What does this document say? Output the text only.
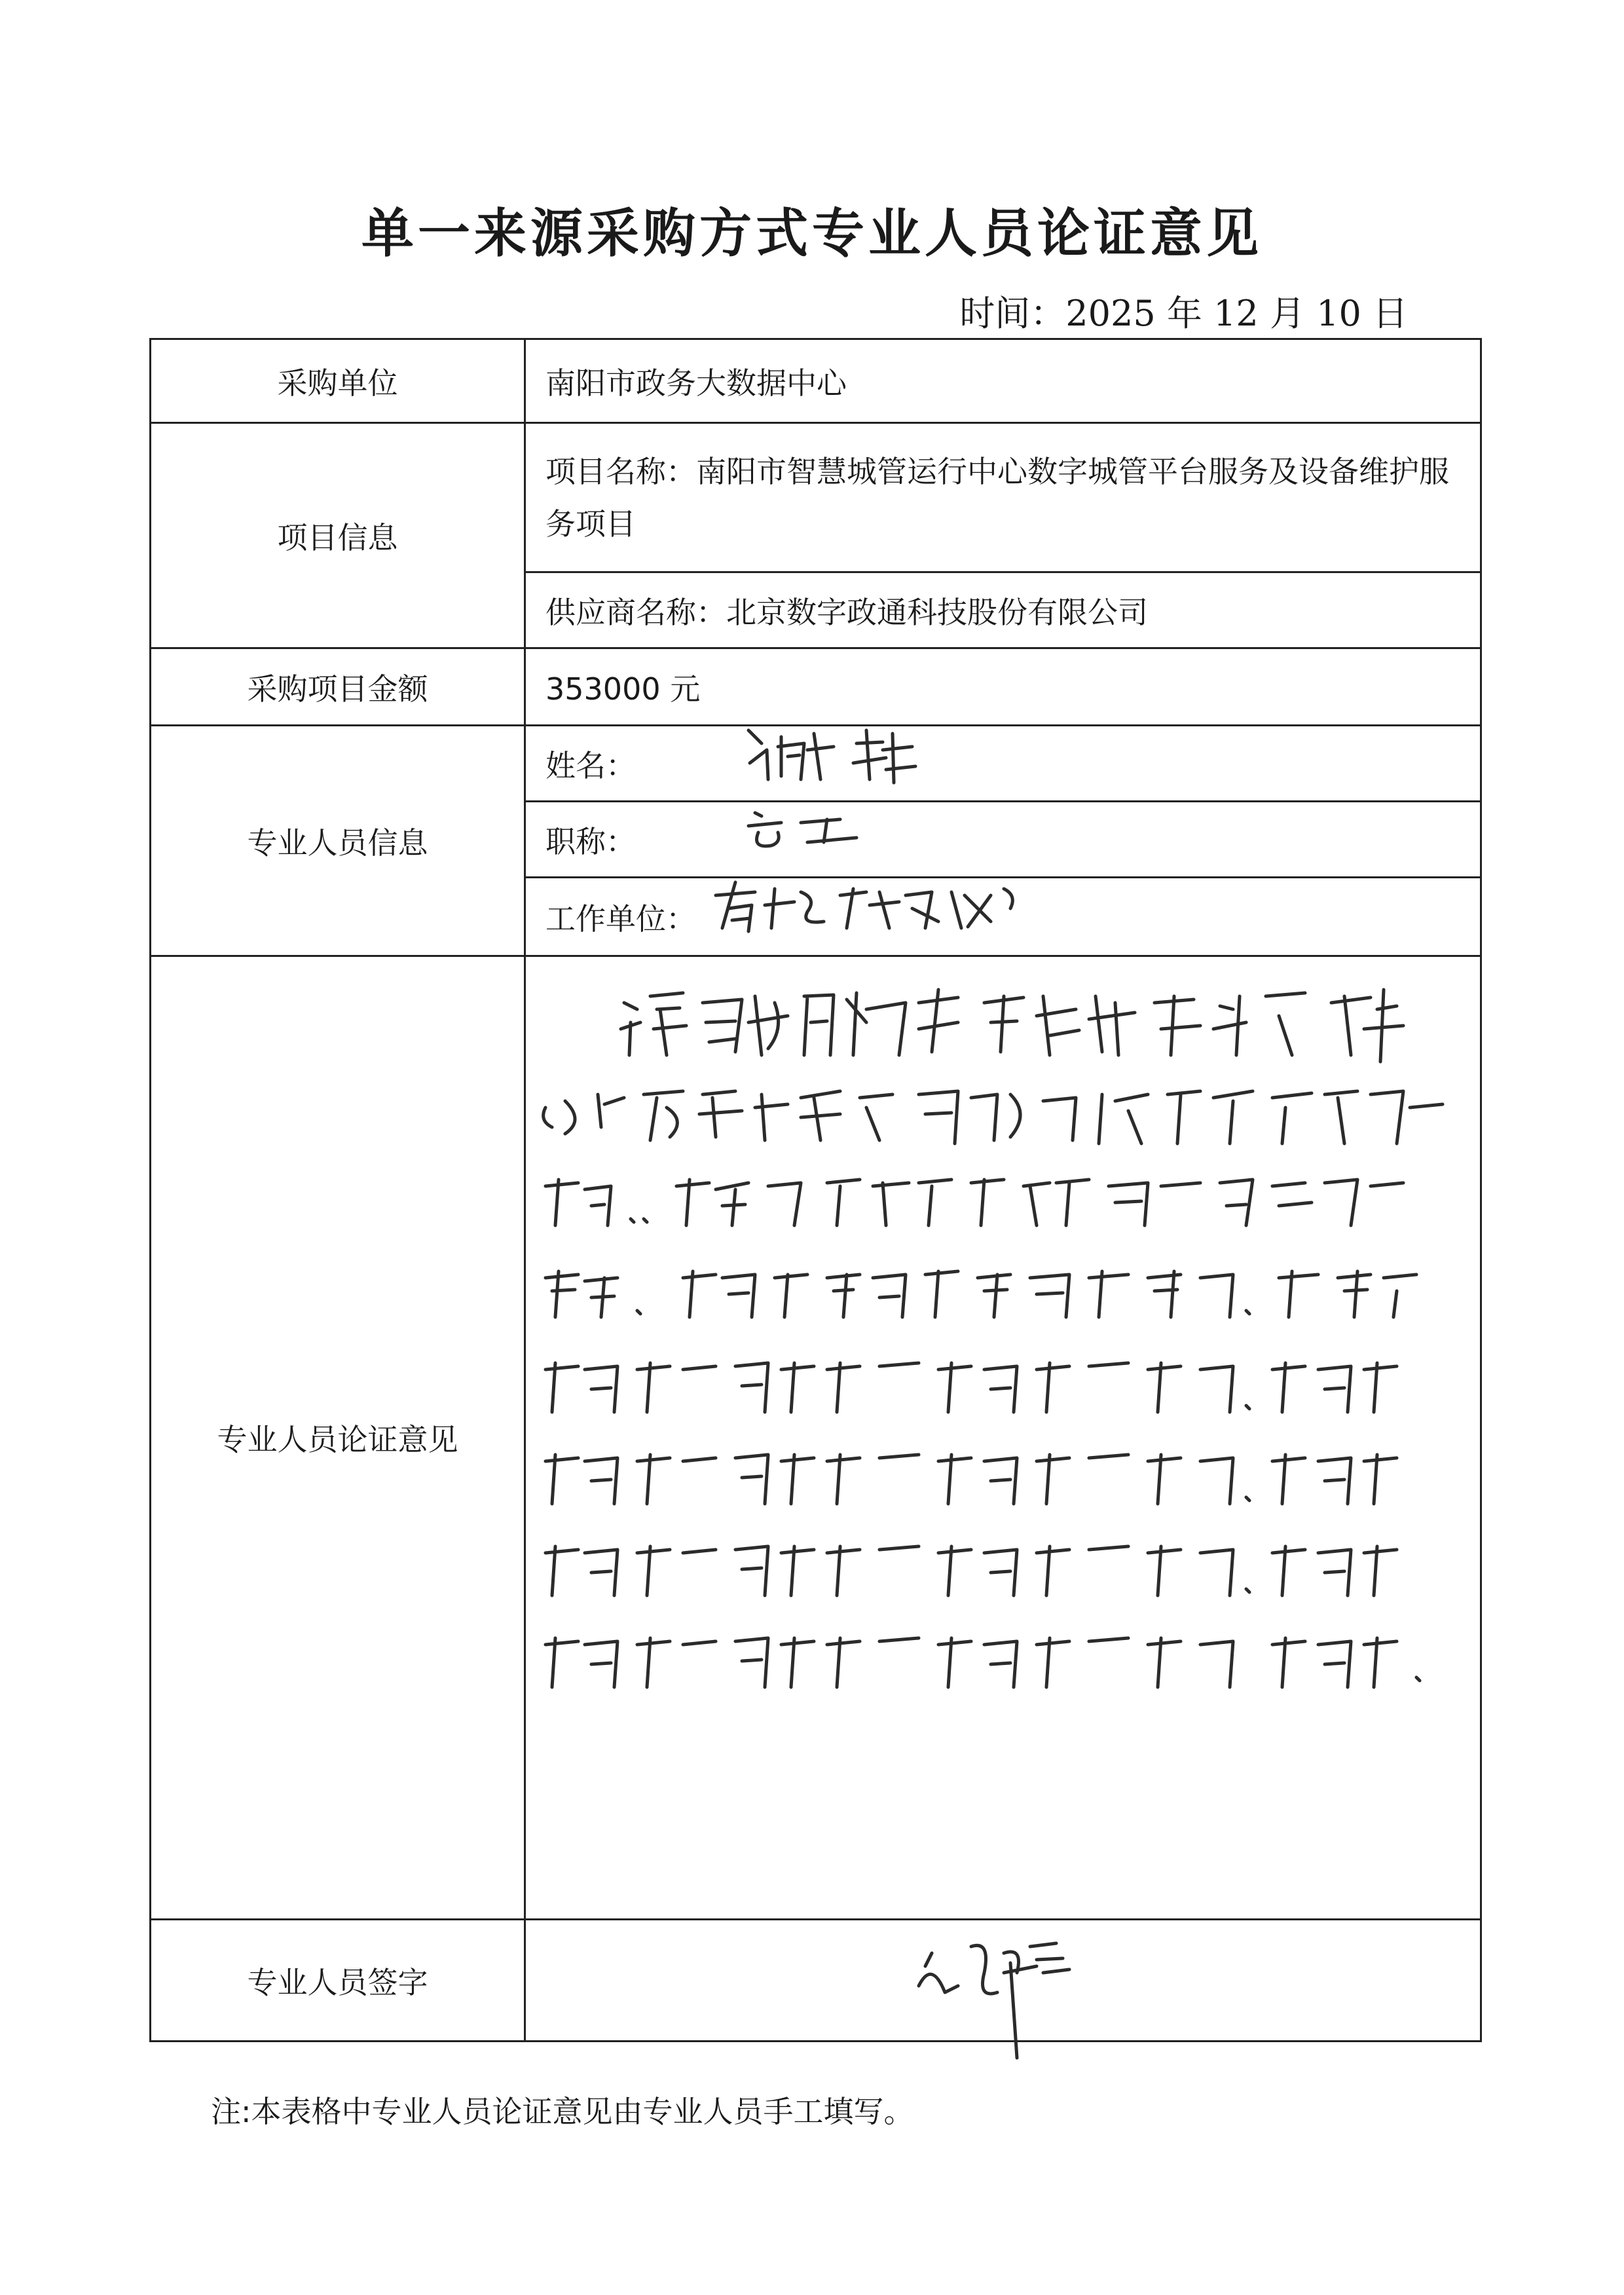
单一来源采购方式专业人员论证意见
时间：2025 年 12 月 10 日
采购单位	南阳市政务大数据中心
项目信息	项目名称：南阳市智慧城管运行中心数字城管平台服务及设备维护服务项目

	供应商名称：北京数字政通科技股份有限公司
采购项目金额	353000 元
专业人员信息	姓名：

	职称：

	工作单位：

专业人员论证意见	

专业人员签字	
注:本表格中专业人员论证意见由专业人员手工填写。
